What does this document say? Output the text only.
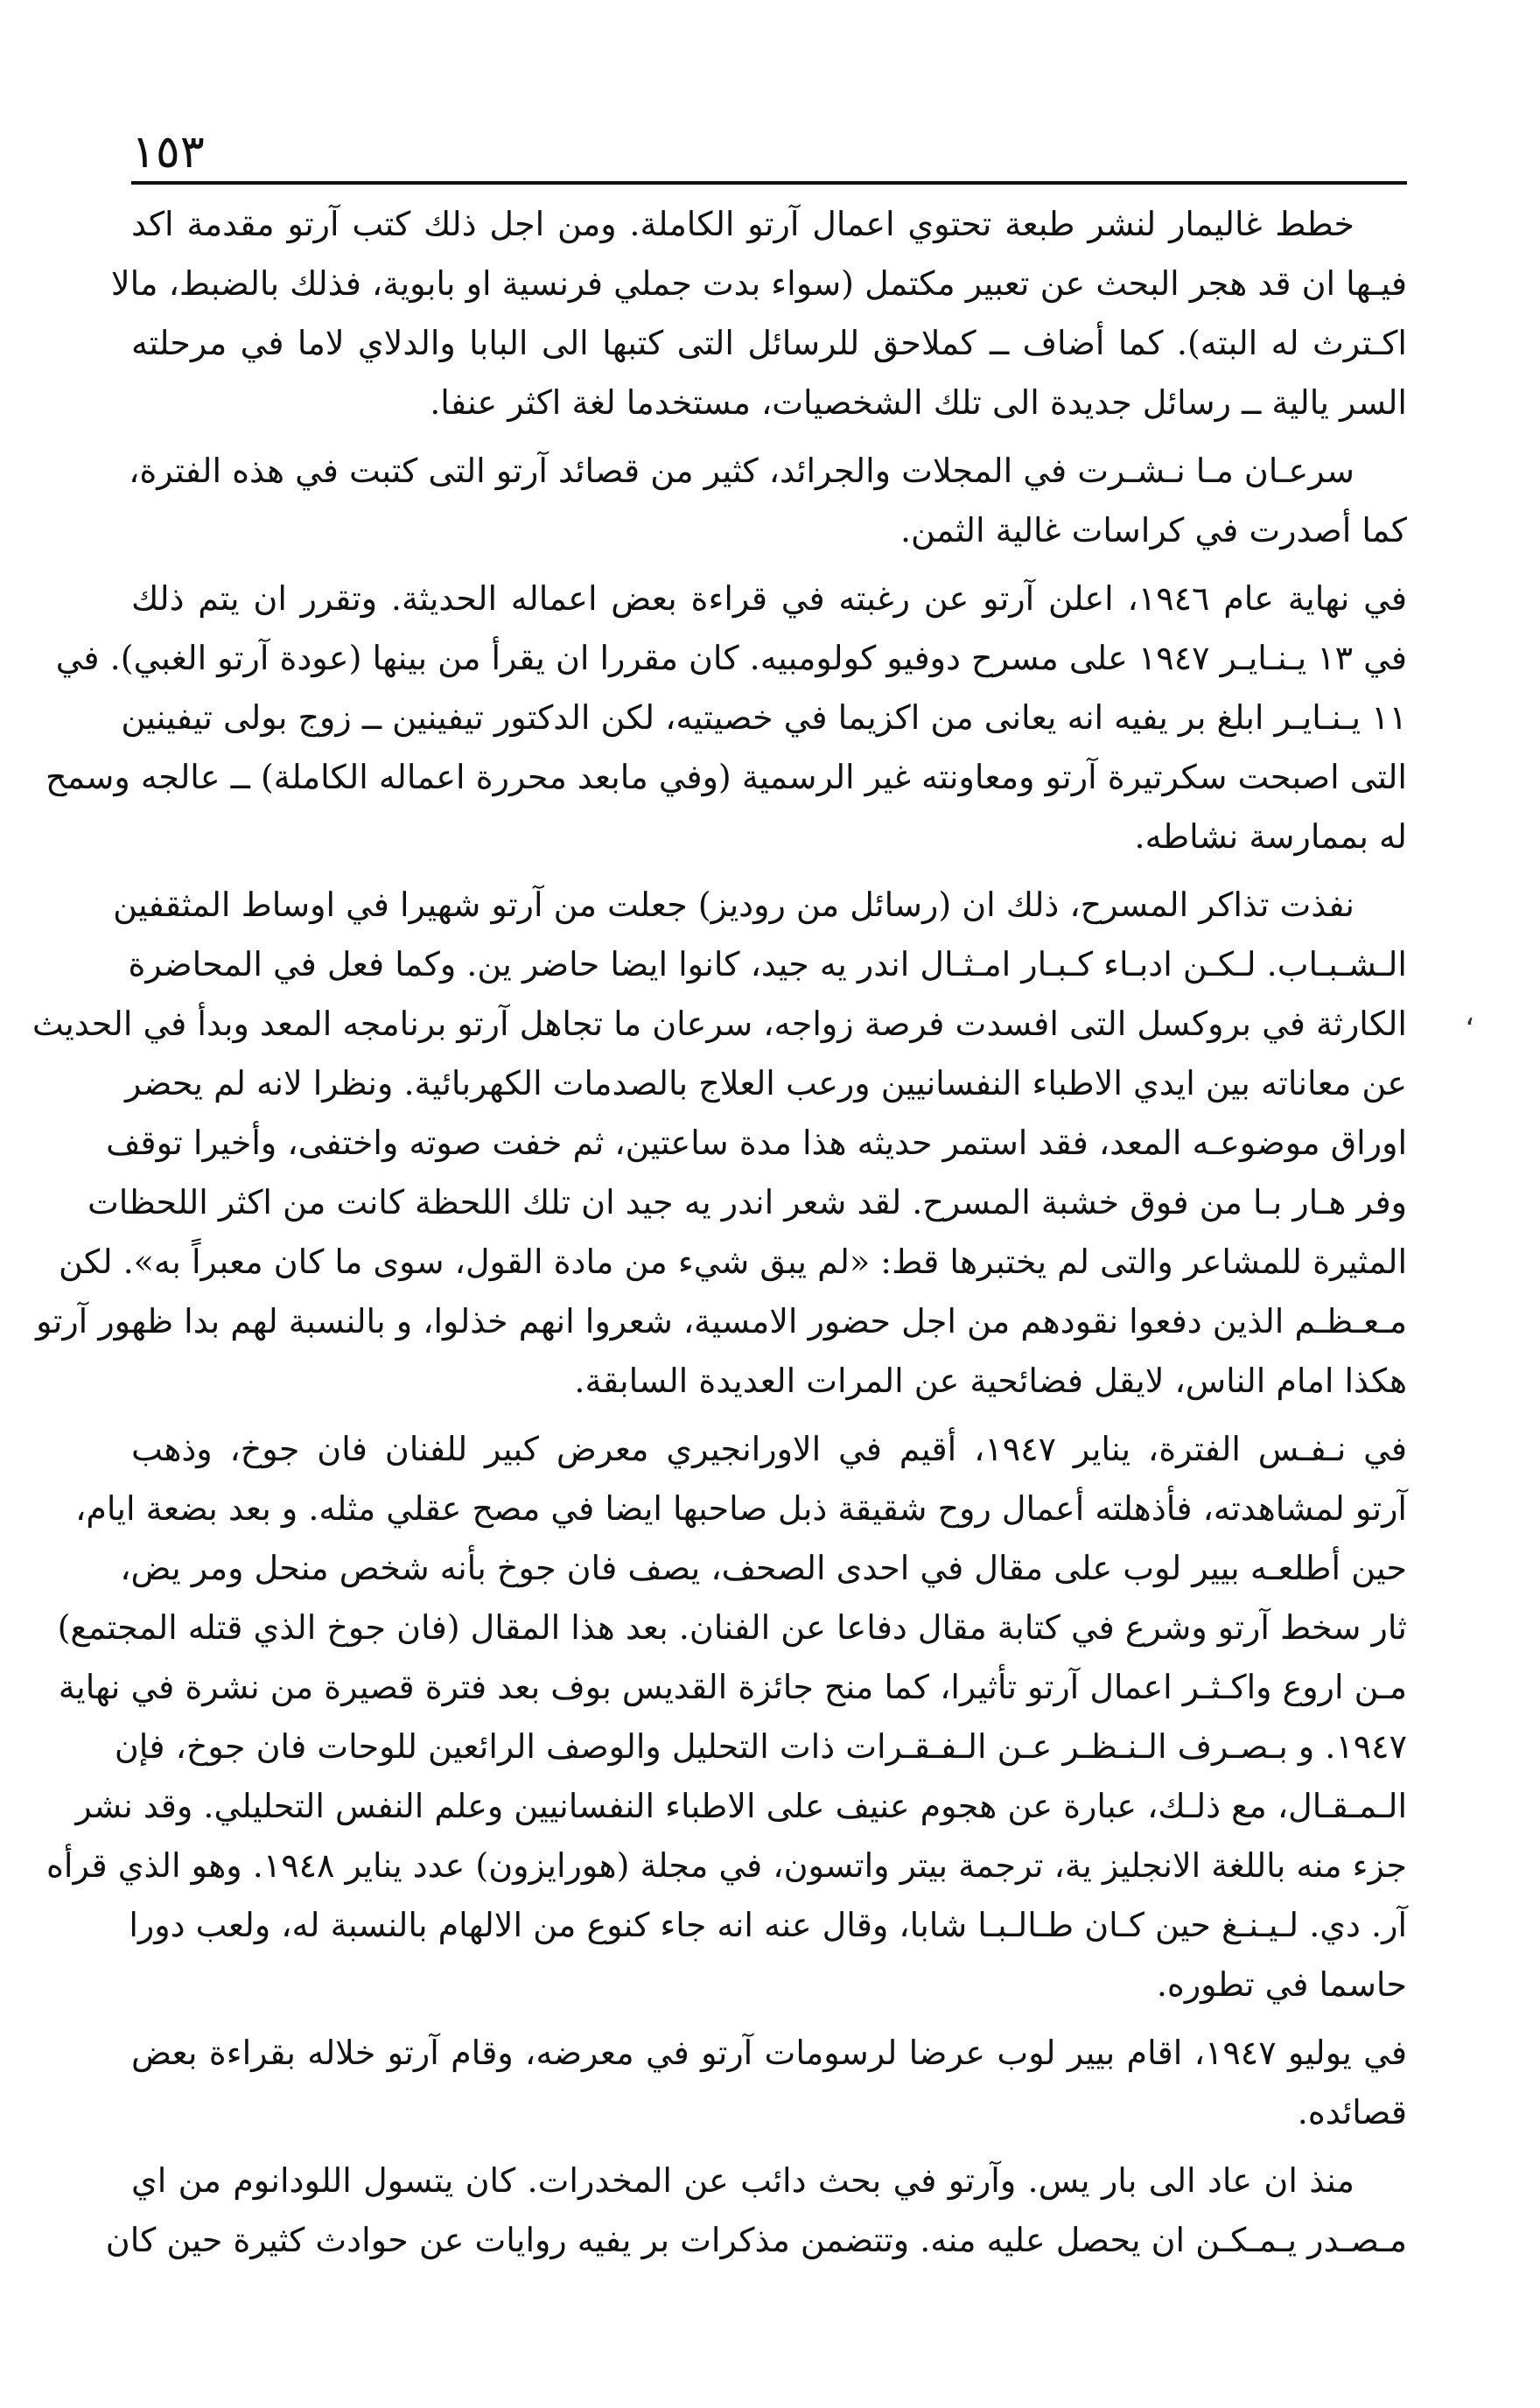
١٥٣
،
خطط غاليمار لنشر طبعة تحتوي اعمال آرتو الكاملة. ومن اجل ذلك كتب آرتو مقدمة اكد
فيـها ان قد هجر البحث عن تعبير مكتمل (سواء بدت جملي فرنسية او بابوية، فذلك بالضبط، مالا
اكـترث له البته). كما أضاف ــ كملاحق للرسائل التى كتبها الى البابا والدلاي لاما في مرحلته
السر يالية ــ رسائل جديدة الى تلك الشخصيات، مستخدما لغة اكثر عنفا.
سرعـان مـا نـشـرت في المجلات والجرائد، كثير من قصائد آرتو التى كتبت في هذه الفترة،
كما أصدرت في كراسات غالية الثمن.
في نهاية عام ١٩٤٦، اعلن آرتو عن رغبته في قراءة بعض اعماله الحديثة. وتقرر ان يتم ذلك
في ١٣ يـنـايـر ١٩٤٧ على مسرح دوفيو كولومبيه. كان مقررا ان يقرأ من بينها (عودة آرتو الغبي). في
١١ يـنـايـر ابلغ بر يفيه انه يعانى من اكزيما في خصيتيه، لكن الدكتور تيفينين ــ زوج بولى تيفينين
التى اصبحت سكرتيرة آرتو ومعاونته غير الرسمية (وفي مابعد محررة اعماله الكاملة) ــ عالجه وسمح
له بممارسة نشاطه.
نفذت تذاكر المسرح، ذلك ان (رسائل من روديز) جعلت من آرتو شهيرا في اوساط المثقفين
الـشـبـاب. لـكـن ادبـاء كـبـار امـثـال اندر يه جيد، كانوا ايضا حاضر ين. وكما فعل في المحاضرة
الكارثة في بروكسل التى افسدت فرصة زواجه، سرعان ما تجاهل آرتو برنامجه المعد وبدأ في الحديث
عن معاناته بين ايدي الاطباء النفسانيين ورعب العلاج بالصدمات الكهربائية. ونظرا لانه لم يحضر
اوراق موضوعـه المعد، فقد استمر حديثه هذا مدة ساعتين، ثم خفت صوته واختفى، وأخيرا توقف
وفر هـار بـا من فوق خشبة المسرح. لقد شعر اندر يه جيد ان تلك اللحظة كانت من اكثر اللحظات
المثيرة للمشاعر والتى لم يختبرها قط: «لم يبق شيء من مادة القول، سوى ما كان معبراً به». لكن
مـعـظـم الذين دفعوا نقودهم من اجل حضور الامسية، شعروا انهم خذلوا، و بالنسبة لهم بدا ظهور آرتو
هكذا امام الناس، لايقل فضائحية عن المرات العديدة السابقة.
في نـفـس الفترة، يناير ١٩٤٧، أقيم في الاورانجيري معرض كبير للفنان فان جوخ، وذهب
آرتو لمشاهدته، فأذهلته أعمال روح شقيقة ذبل صاحبها ايضا في مصح عقلي مثله. و بعد بضعة ايام،
حين أطلعـه بيير لوب على مقال في احدى الصحف، يصف فان جوخ بأنه شخص منحل ومر يض،
ثار سخط آرتو وشرع في كتابة مقال دفاعا عن الفنان. بعد هذا المقال (فان جوخ الذي قتله المجتمع)
مـن اروع واكـثـر اعمال آرتو تأثيرا، كما منح جائزة القديس بوف بعد فترة قصيرة من نشرة في نهاية
١٩٤٧. و بـصـرف الـنـظـر عـن الـفـقـرات ذات التحليل والوصف الرائعين للوحات فان جوخ، فإن
الـمـقـال، مع ذلـك، عبارة عن هجوم عنيف على الاطباء النفسانيين وعلم النفس التحليلي. وقد نشر
جزء منه باللغة الانجليز ية، ترجمة بيتر واتسون، في مجلة (هورايزون) عدد يناير ١٩٤٨. وهو الذي قرأه
آر. دي. لـيـنـغ حين كـان طـالـبـا شابا، وقال عنه انه جاء كنوع من الالهام بالنسبة له، ولعب دورا
حاسما في تطوره.
في يوليو ١٩٤٧، اقام بيير لوب عرضا لرسومات آرتو في معرضه، وقام آرتو خلاله بقراءة بعض
قصائده.
منذ ان عاد الى بار يس. وآرتو في بحث دائب عن المخدرات. كان يتسول اللودانوم من اي
مـصـدر يـمـكـن ان يحصل عليه منه. وتتضمن مذكرات بر يفيه روايات عن حوادث كثيرة حين كان
